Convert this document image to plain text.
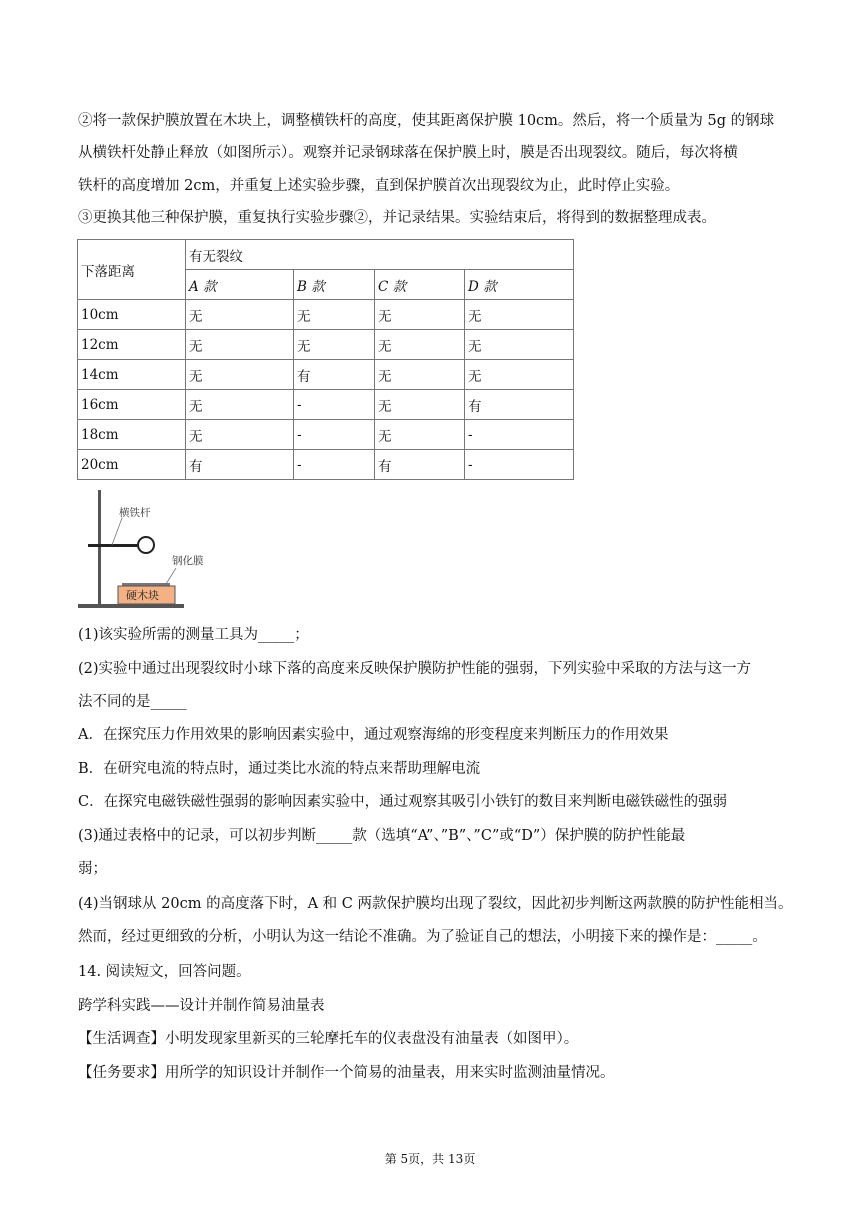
②将一款保护膜放置在木块上，调整横铁杆的高度，使其距离保护膜 10cm。然后，将一个质量为 5g 的钢球
从横铁杆处静止释放（如图所示）。观察并记录钢球落在保护膜上时，膜是否出现裂纹。随后，每次将横
铁杆的高度增加 2cm，并重复上述实验步骤，直到保护膜首次出现裂纹为止，此时停止实验。
③更换其他三种保护膜，重复执行实验步骤②，并记录结果。实验结束后，将得到的数据整理成表。
下落距离	有无裂纹			
	A 款	B 款	C 款	D 款
10cm	无	无	无	无
12cm	无	无	无	无
14cm	无	有	无	无
16cm	无	-	无	有
18cm	无	-	无	-
20cm	有	-	有	-
横铁杆
钢化膜
硬木块
(1)该实验所需的测量工具为_____；
(2)实验中通过出现裂纹时小球下落的高度来反映保护膜防护性能的强弱，下列实验中采取的方法与这一方
法不同的是_____
A．在探究压力作用效果的影响因素实验中，通过观察海绵的形变程度来判断压力的作用效果
B．在研究电流的特点时，通过类比水流的特点来帮助理解电流
C．在探究电磁铁磁性强弱的影响因素实验中，通过观察其吸引小铁钉的数目来判断电磁铁磁性的强弱
(3)通过表格中的记录，可以初步判断_____款（选填“A”、”B”、”C”或“D”）保护膜的防护性能最
弱；
(4)当钢球从 20cm 的高度落下时，A 和 C 两款保护膜均出现了裂纹，因此初步判断这两款膜的防护性能相当。
然而，经过更细致的分析，小明认为这一结论不准确。为了验证自己的想法，小明接下来的操作是：_____。
14. 阅读短文，回答问题。
跨学科实践——设计并制作简易油量表
【生活调查】小明发现家里新买的三轮摩托车的仪表盘没有油量表（如图甲）。
【任务要求】用所学的知识设计并制作一个简易的油量表，用来实时监测油量情况。
第 5页，共 13页
